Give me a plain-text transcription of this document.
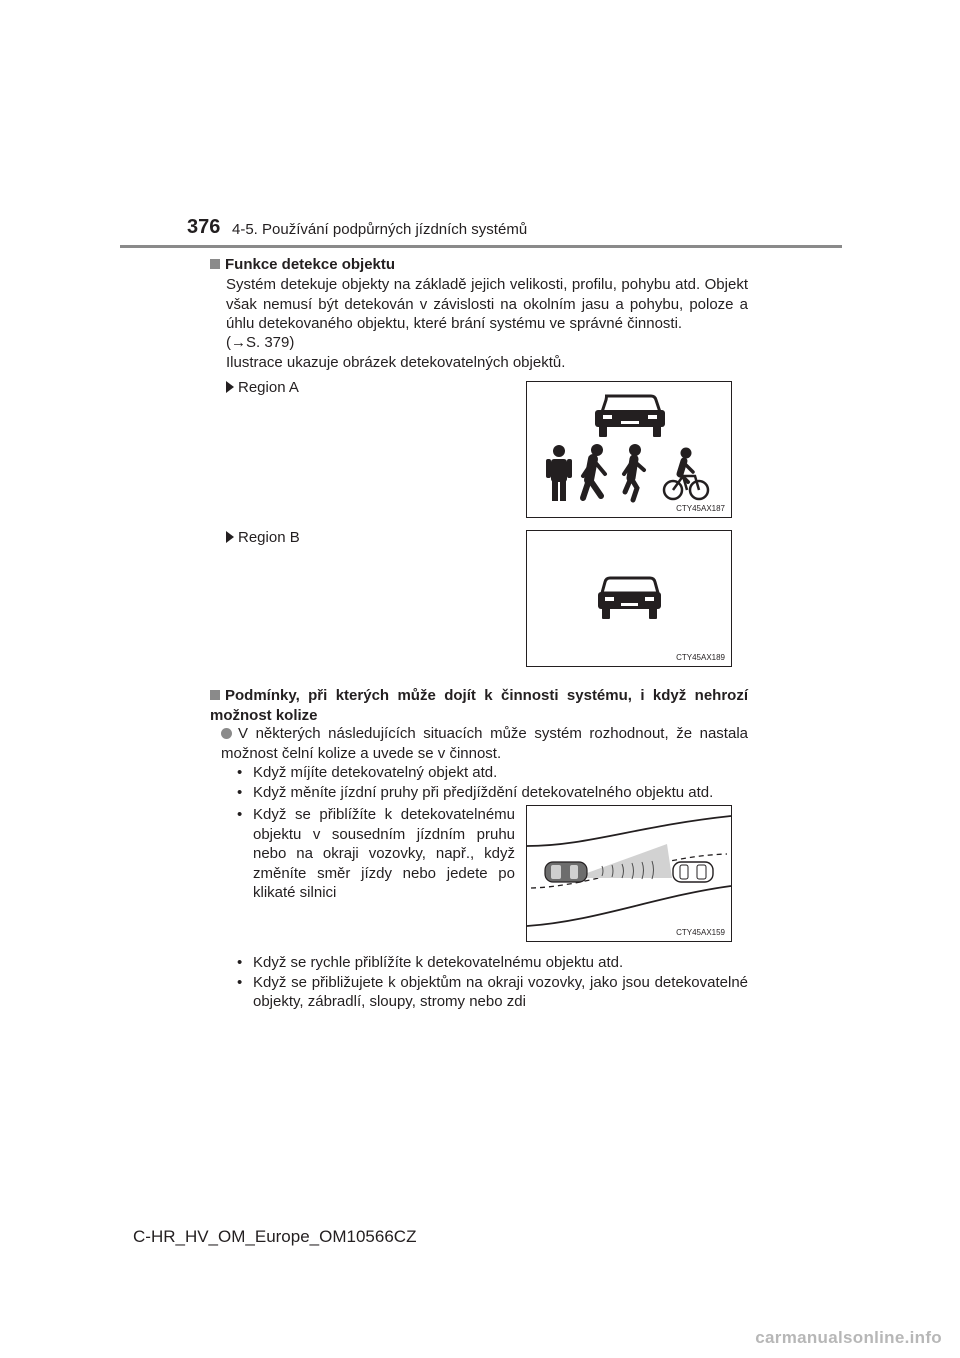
376 4-5. Používání podpůrných jízdních systémů
Funkce detekce objektu
Systém detekuje objekty na základě jejich velikosti, profilu, pohybu atd. Objekt však nemusí být detekován v závislosti na okolním jasu a pohybu, poloze a úhlu detekovaného objektu, které brání systému ve správné činnosti.
(→S. 379)
Ilustrace ukazuje obrázek detekovatelných objektů.
Region A
CTY45AX187
Region B
CTY45AX189
Podmínky, při kterých může dojít k činnosti systému, i když nehrozí možnost kolize
V některých následujících situacích může systém rozhodnout, že nastala možnost čelní kolize a uvede se v činnost.
• Když míjíte detekovatelný objekt atd.
• Když měníte jízdní pruhy při předjíždění detekovatelného objektu atd.
• Když se přiblížíte k detekovatelnému objektu v sousedním jízdním pruhu nebo na okraji vozovky, např., když změníte směr jízdy nebo jedete po klikaté silnici
CTY45AX159
• Když se rychle přiblížíte k detekovatelnému objektu atd.
• Když se přibližujete k objektům na okraji vozovky, jako jsou detekovatelné objekty, zábradlí, sloupy, stromy nebo zdi
C-HR_HV_OM_Europe_OM10566CZ
carmanualsonline.info
